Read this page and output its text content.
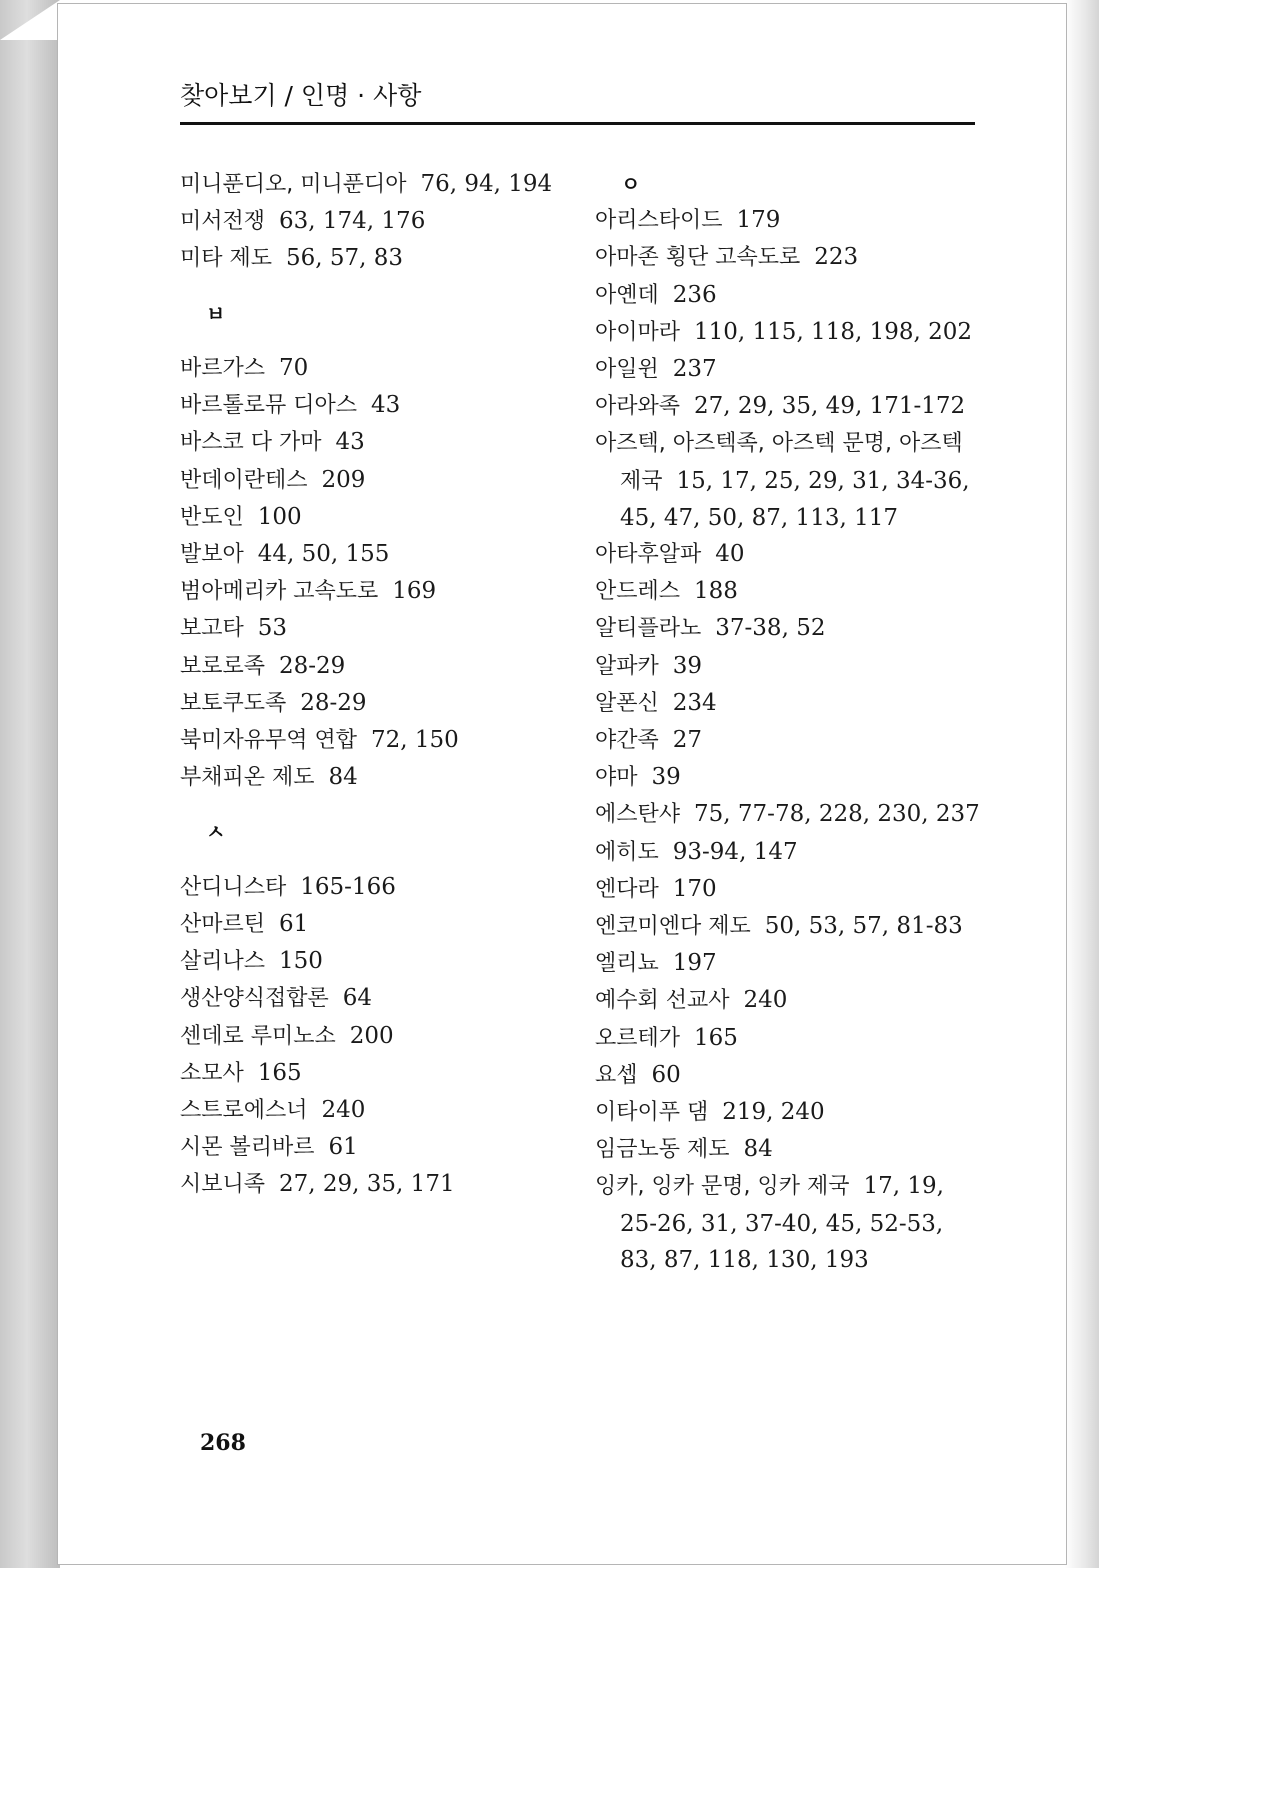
찾아보기 / 인명 · 사항
미니푼디오, 미니푼디아 76, 94, 194
미서전쟁 63, 174, 176
미타 제도 56, 57, 83
ㅂ
바르가스 70
바르톨로뮤 디아스 43
바스코 다 가마 43
반데이란테스 209
반도인 100
발보아 44, 50, 155
범아메리카 고속도로 169
보고타 53
보로로족 28-29
보토쿠도족 28-29
북미자유무역 연합 72, 150
부채피온 제도 84
ㅅ
산디니스타 165-166
산마르틴 61
살리나스 150
생산양식접합론 64
센데로 루미노소 200
소모사 165
스트로에스너 240
시몬 볼리바르 61
시보니족 27, 29, 35, 171
ㅇ
아리스타이드 179
아마존 횡단 고속도로 223
아옌데 236
아이마라 110, 115, 118, 198, 202
아일윈 237
아라와족 27, 29, 35, 49, 171-172
아즈텍, 아즈텍족, 아즈텍 문명, 아즈텍 제국 15, 17, 25, 29, 31, 34-36, 45, 47, 50, 87, 113, 117
아타후알파 40
안드레스 188
알티플라노 37-38, 52
알파카 39
알폰신 234
야간족 27
야마 39
에스탄샤 75, 77-78, 228, 230, 237
에히도 93-94, 147
엔다라 170
엔코미엔다 제도 50, 53, 57, 81-83
엘리뇨 197
예수회 선교사 240
오르테가 165
요셉 60
이타이푸 댐 219, 240
임금노동 제도 84
잉카, 잉카 문명, 잉카 제국 17, 19, 25-26, 31, 37-40, 45, 52-53, 83, 87, 118, 130, 193
268
